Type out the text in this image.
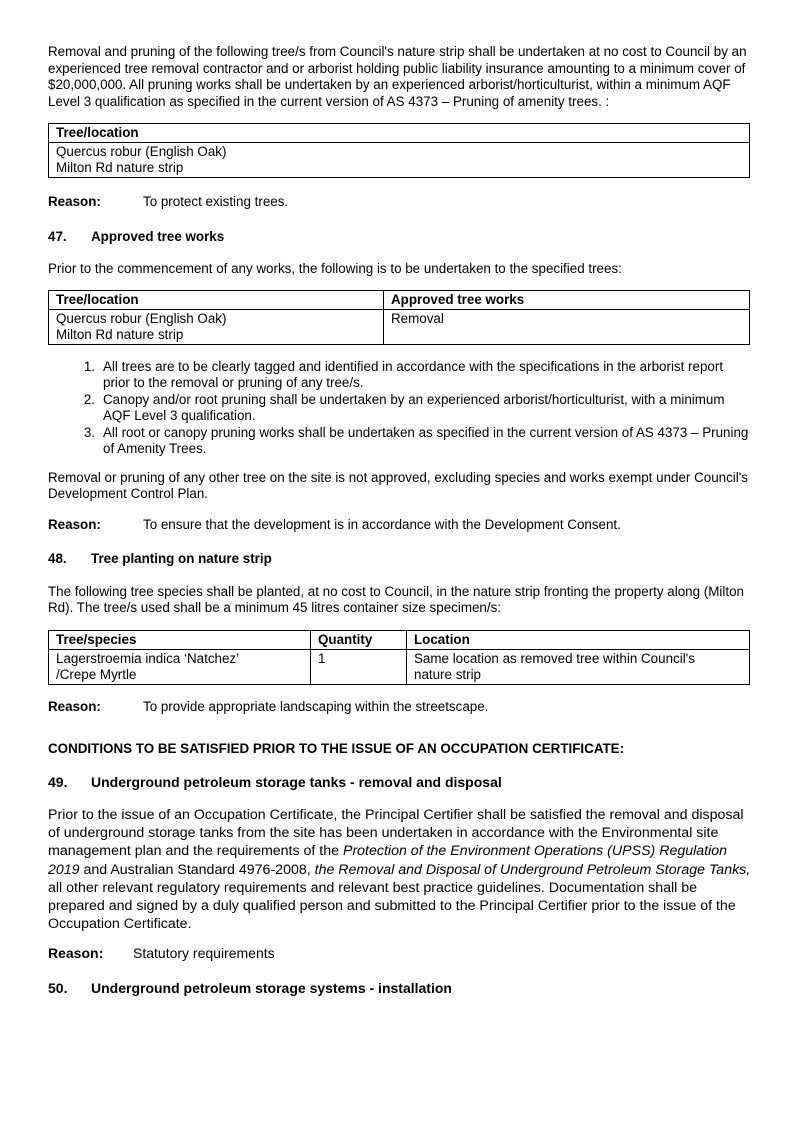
Removal and pruning of the following tree/s from Council's nature strip shall be undertaken at no cost to Council by an experienced tree removal contractor and or arborist holding public liability insurance amounting to a minimum cover of $20,000,000. All pruning works shall be undertaken by an experienced arborist/horticulturist, within a minimum AQF Level 3 qualification as specified in the current version of AS 4373 – Pruning of amenity trees. :

Tree/location
Quercus robur (English Oak)
Milton Rd nature strip
Reason:	To protect existing trees.
47.	Approved tree works

Prior to the commencement of any works, the following is to be undertaken to the specified trees:

Tree/location	Approved tree works
Quercus robur (English Oak)
Milton Rd nature strip	Removal
1. All trees are to be clearly tagged and identified in accordance with the specifications in the arborist report prior to the removal or pruning of any tree/s.
2. Canopy and/or root pruning shall be undertaken by an experienced arborist/horticulturist, with a minimum AQF Level 3 qualification.
3. All root or canopy pruning works shall be undertaken as specified in the current version of AS 4373 – Pruning of Amenity Trees.

Removal or pruning of any other tree on the site is not approved, excluding species and works exempt under Council's Development Control Plan.

Reason:	To ensure that the development is in accordance with the Development Consent.
48.	Tree planting on nature strip

The following tree species shall be planted, at no cost to Council, in the nature strip fronting the property along (Milton Rd). The tree/s used shall be a minimum 45 litres container size specimen/s:

Tree/species	Quantity	Location
Lagerstroemia indica ‘Natchez’
/Crepe Myrtle	1	Same location as removed tree within Council's
nature strip
Reason:	To provide appropriate landscaping within the streetscape.
CONDITIONS TO BE SATISFIED PRIOR TO THE ISSUE OF AN OCCUPATION CERTIFICATE:
49.	Underground petroleum storage tanks - removal and disposal

Prior to the issue of an Occupation Certificate, the Principal Certifier shall be satisfied the removal and disposal of underground storage tanks from the site has been undertaken in accordance with the Environmental site management plan and the requirements of the Protection of the Environment Operations (UPSS) Regulation 2019 and Australian Standard 4976-2008, the Removal and Disposal of Underground Petroleum Storage Tanks, all other relevant regulatory requirements and relevant best practice guidelines. Documentation shall be prepared and signed by a duly qualified person and submitted to the Principal Certifier prior to the issue of the Occupation Certificate.

Reason:	Statutory requirements
50.	Underground petroleum storage systems - installation
